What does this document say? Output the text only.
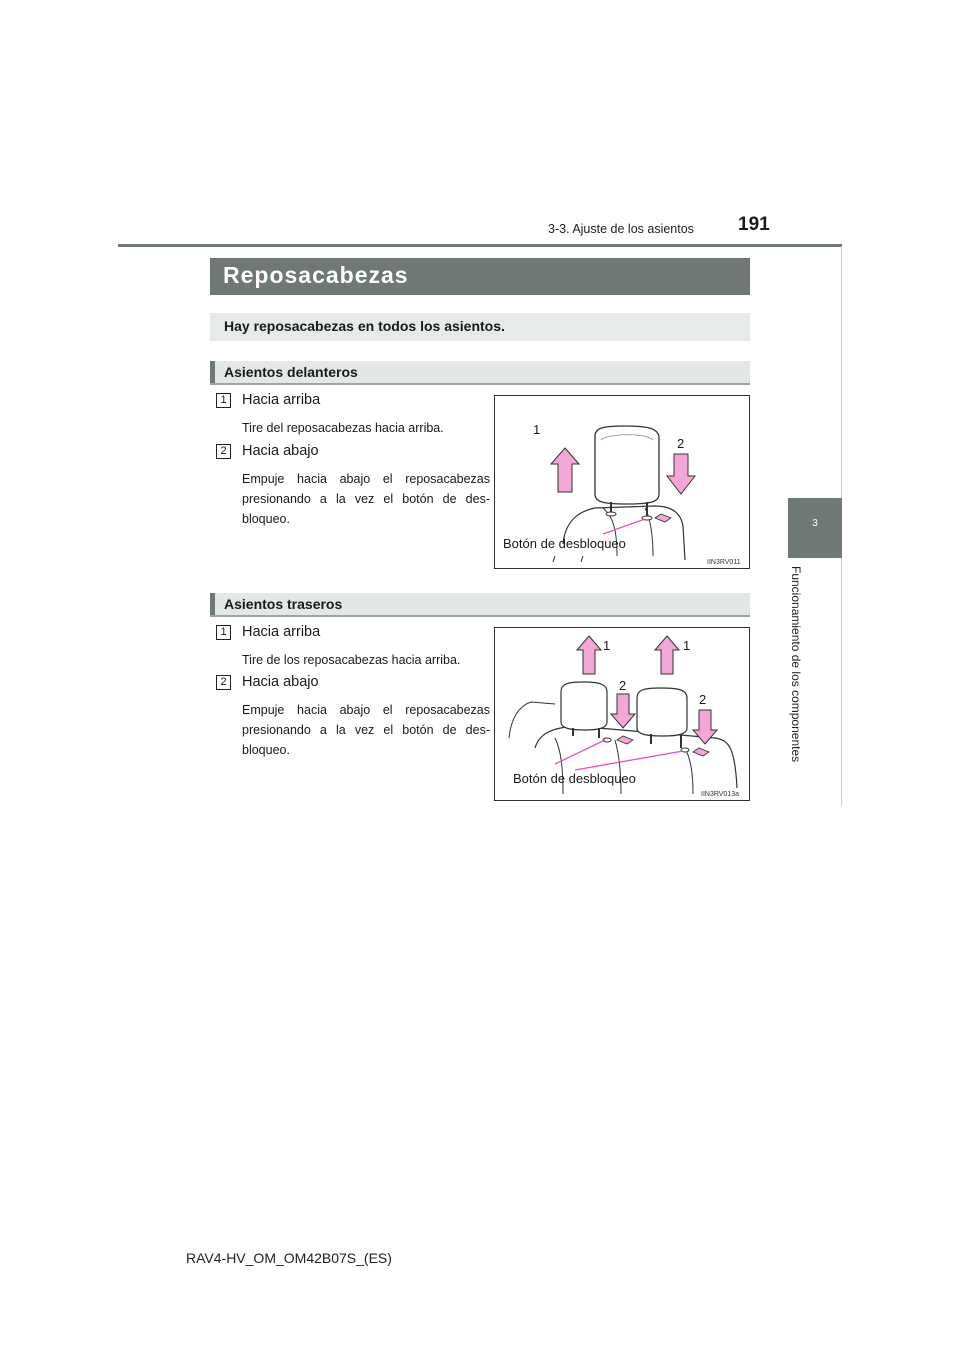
191
3-3. Ajuste de los asientos
3
Funcionamiento de los componentes
Reposacabezas
Hay reposacabezas en todos los asientos.
Asientos delanteros
1	Hacia arriba
Tire del reposacabezas hacia arriba.
2	Hacia abajo
Empuje hacia abajo el reposacabezas presionando a la vez el botón de des-bloqueo.
1
2
Botón de desbloqueo
IIN3RV011
Asientos traseros
1	Hacia arriba
Tire de los reposacabezas hacia arriba.
2	Hacia abajo
Empuje hacia abajo el reposacabezas presionando a la vez el botón de des-bloqueo.
1	1
2
2
Botón de desbloqueo
IIN3RV013a
RAV4-HV_OM_OM42B07S_(ES)
